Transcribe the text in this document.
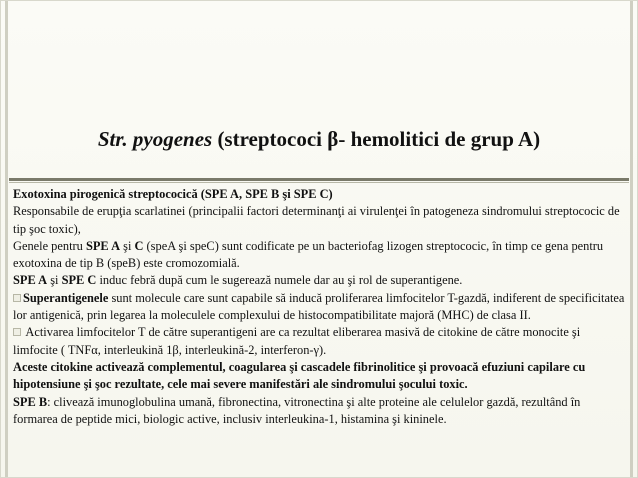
Str. pyogenes (streptococi β- hemolitici de grup A)

Exotoxina pirogenică streptococică (SPE A, SPE B şi SPE C)

Responsabile de erupţia scarlatinei (principalii factori determinanţi ai virulenţei în patogeneza sindromului streptococic de tip şoc toxic),

Genele pentru SPE A şi C (speA şi speC) sunt codificate pe un bacteriofag lizogen streptococic, în timp ce gena pentru exotoxina de tip B (speB) este cromozomială.

SPE A şi SPE C induc febră după cum le sugerează numele dar au şi rol de superantigene.

Superantigenele sunt molecule care sunt capabile să inducă proliferarea limfocitelor T-gazdă, indiferent de specificitatea lor antigenică, prin legarea la moleculele complexului de histocompatibilitate majoră (MHC) de clasa II.

Activarea limfocitelor T de către superantigeni are ca rezultat eliberarea masivă de citokine de către monocite şi limfocite ( TNFα, interleukină 1β, interleukină-2, interferon-γ).

Aceste citokine activează complementul, coagularea şi cascadele fibrinolitice şi provoacă efuziuni capilare cu hipotensiune şi şoc rezultate, cele mai severe manifestări ale sindromului şocului toxic.

SPE B: clivează imunoglobulina umană, fibronectina, vitronectina şi alte proteine ale celulelor gazdă, rezultând în formarea de peptide mici, biologic active, inclusiv interleukina-1, histamina şi kininele.
